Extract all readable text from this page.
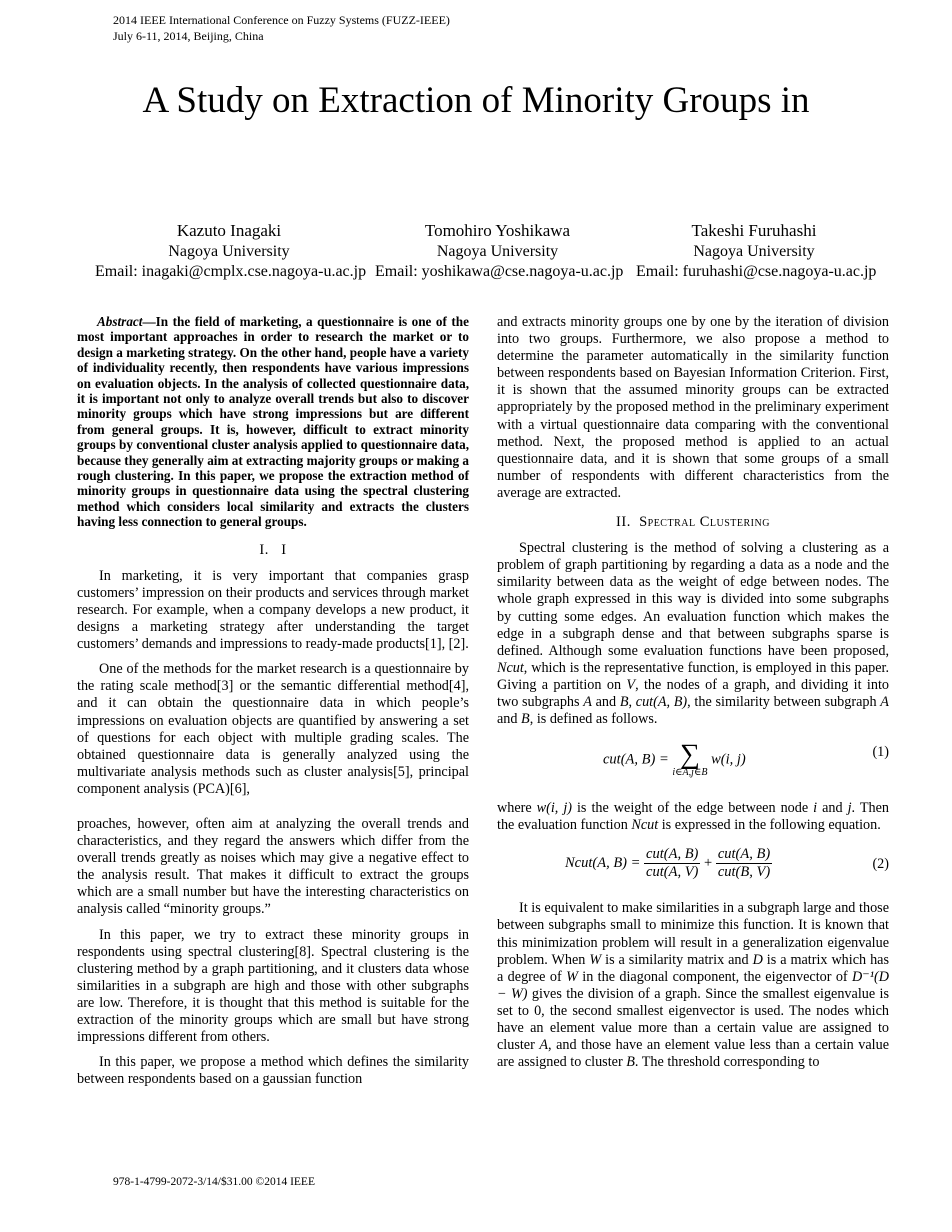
2014 IEEE International Conference on Fuzzy Systems (FUZZ-IEEE)
July 6-11, 2014, Beijing, China
A Study on Extraction of Minority Groups in
Kazuto Inagaki
Nagoya University
Email: inagaki@cmplx.cse.nagoya-u.ac.jp
Tomohiro Yoshikawa
Nagoya University
Email: yoshikawa@cse.nagoya-u.ac.jp
Takeshi Furuhashi
Nagoya University
Email: furuhashi@cse.nagoya-u.ac.jp

Abstract—In the field of marketing, a questionnaire is one of the most important approaches in order to research the market or to design a marketing strategy. On the other hand, people have a variety of individuality recently, then respondents have various impressions on evaluation objects. In the analysis of collected questionnaire data, it is important not only to analyze overall trends but also to discover minority groups which have strong impressions but are different from general groups. It is, however, difficult to extract minority groups by conventional cluster analysis applied to questionnaire data, because they generally aim at extracting majority groups or making a rough clustering. In this paper, we propose the extraction method of minority groups in questionnaire data using the spectral clustering method which considers local similarity and extracts the clusters having less connection to general groups.

I. I

In marketing, it is very important that companies grasp customers’ impression on their products and services through market research. For example, when a company develops a new product, it designs a marketing strategy after understanding the target customers’ demands and impressions to ready-made products[1], [2].

One of the methods for the market research is a questionnaire by the rating scale method[3] or the semantic differential method[4], and it can obtain the questionnaire data in which people’s impressions on evaluation objects are quantified by answering a set of questions for each object with multiple grading scales. The obtained questionnaire data is generally analyzed using the multivariate analysis methods such as cluster analysis[5], principal component analysis (PCA)[6],

proaches, however, often aim at analyzing the overall trends and characteristics, and they regard the answers which differ from the overall trends greatly as noises which may give a negative effect to the analysis result. That makes it difficult to extract the groups which are a small number but have the interesting characteristics on analysis called “minority groups.”

In this paper, we try to extract these minority groups in respondents using spectral clustering[8]. Spectral clustering is the clustering method by a graph partitioning, and it clusters data whose similarities in a subgraph are high and those with other subgraphs are low. Therefore, it is thought that this method is suitable for the extraction of the minority groups which are small but have strong impressions different from others.

In this paper, we propose a method which defines the similarity between respondents based on a gaussian function

and extracts minority groups one by one by the iteration of division into two groups. Furthermore, we also propose a method to determine the parameter automatically in the similarity function between respondents based on Bayesian Information Criterion. First, it is shown that the assumed minority groups can be extracted appropriately by the proposed method in the preliminary experiment with a virtual questionnaire data comparing with the conventional method. Next, the proposed method is applied to an actual questionnaire data, and it is shown that some groups of a small number of respondents with different characteristics from the average are extracted.

II. Spectral Clustering

Spectral clustering is the method of solving a clustering as a problem of graph partitioning by regarding a data as a node and the similarity between data as the weight of edge between nodes. The whole graph expressed in this way is divided into some subgraphs by cutting some edges. An evaluation function which makes the edge in a subgraph dense and that between subgraphs sparse is defined. Although some evaluation functions have been proposed, Ncut, which is the representative function, is employed in this paper. Giving a partition on V, the nodes of a graph, and dividing it into two subgraphs A and B, cut(A, B), the similarity between subgraph A and B, is defined as follows.

cut(A, B) = ∑
i∈A,j∈B
w(i, j)	(1)

where w(i, j) is the weight of the edge between node i and j. Then the evaluation function Ncut is expressed in the following equation.

Ncut(A, $B) = \frac{\text{cut(A, B)}}{\text{cut(A, V)}} + \frac{\text{cut(A, B)}}{\text{cut(B, V)}}$	(2)

It is equivalent to make similarities in a subgraph large and those between subgraphs small to minimize this function. It is known that this minimization problem will result in a generalization eigenvalue problem. When W is a similarity matrix and D is a matrix which has a degree of W in the diagonal component, the eigenvector of D⁻¹(D − W) gives the division of a graph. Since the smallest eigenvalue is set to 0, the second smallest eigenvector is used. The nodes which have an element value more than a certain value are assigned to cluster A, and those have an element value less than a certain value are assigned to cluster B. The threshold corresponding to

978-1-4799-2072-3/14/$31.00 ©2014 IEEE
